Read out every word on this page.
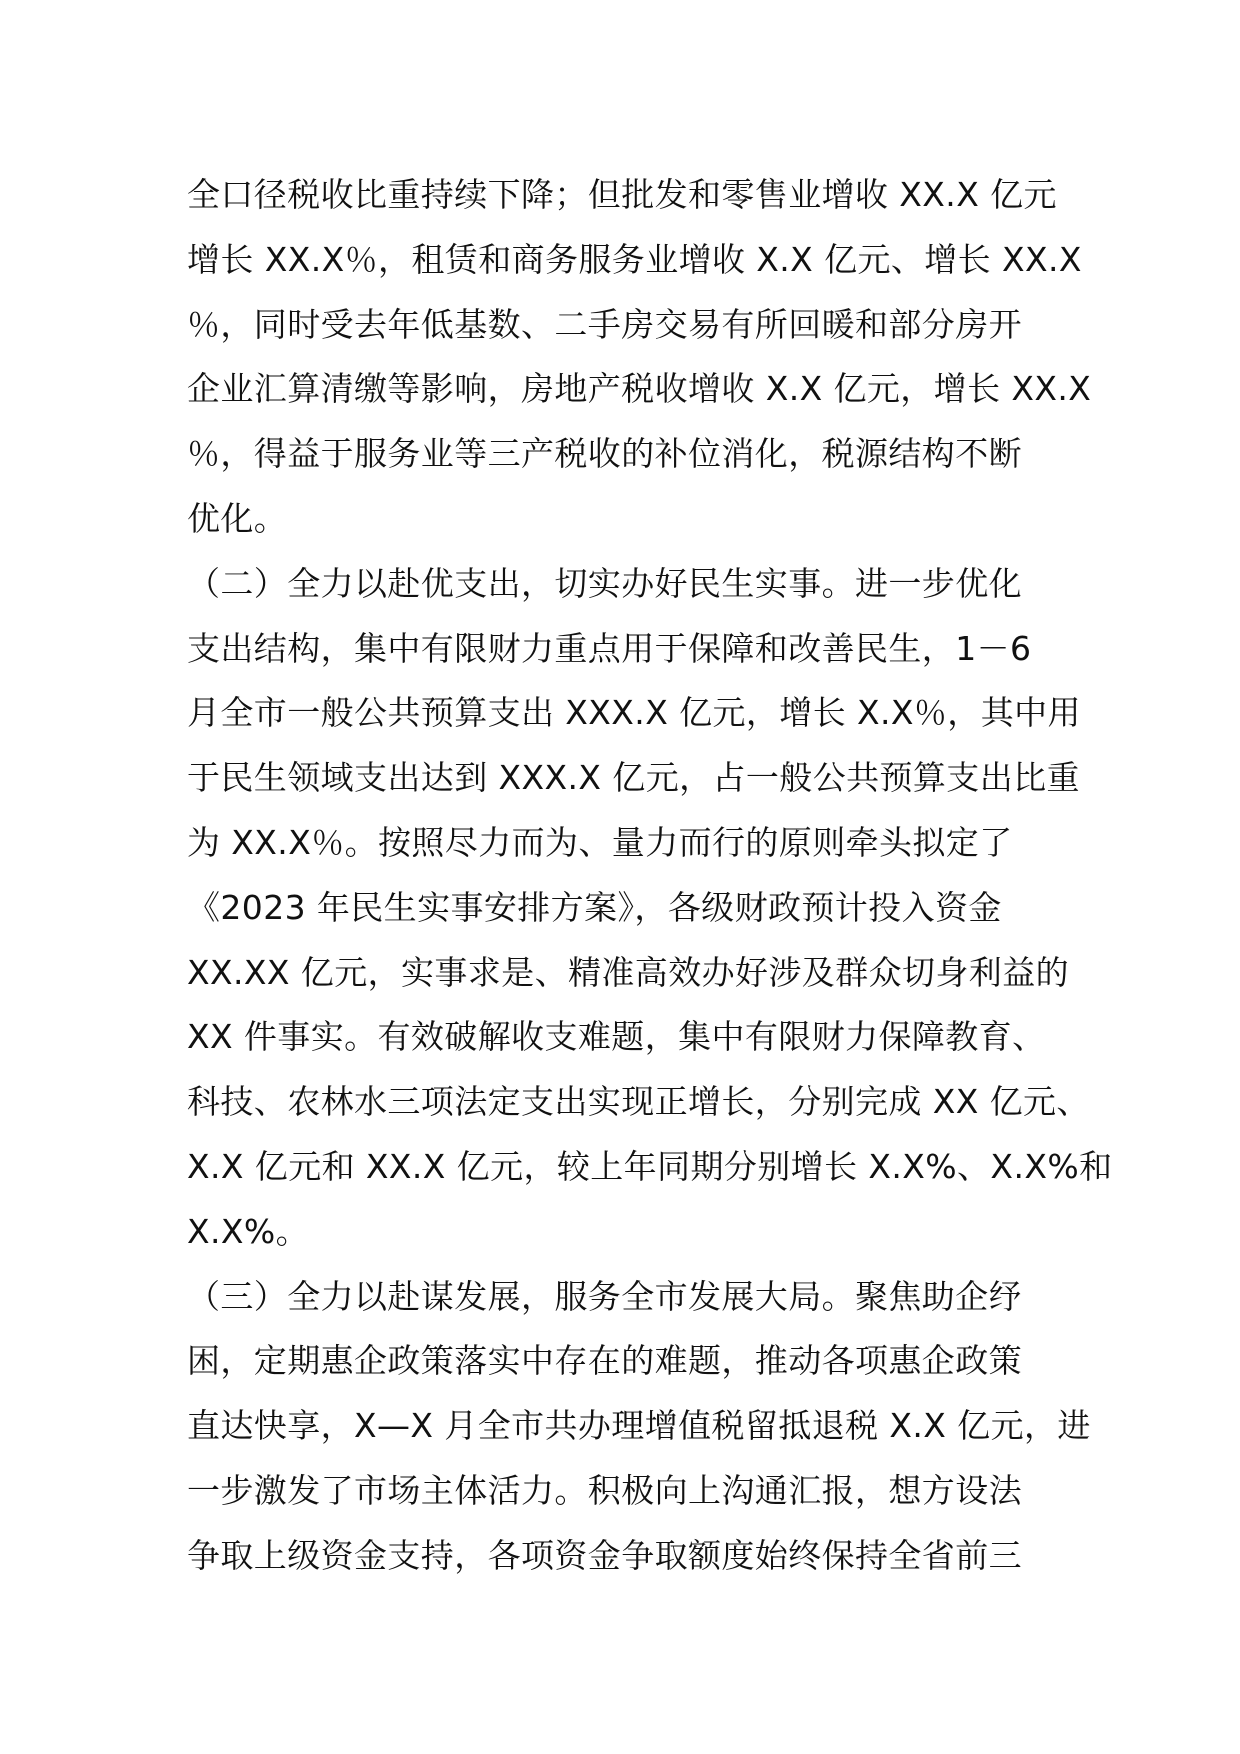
全口径税收比重持续下降；但批发和零售业增收 XX.X 亿元
增长 XX.X％，租赁和商务服务业增收 X.X 亿元、增长 XX.X
％，同时受去年低基数、二手房交易有所回暖和部分房开
企业汇算清缴等影响，房地产税收增收 X.X 亿元，增长 XX.X
％，得益于服务业等三产税收的补位消化，税源结构不断
优化。
（二）全力以赴优支出，切实办好民生实事。进一步优化
支出结构，集中有限财力重点用于保障和改善民生，1－6
月全市一般公共预算支出 XXX.X 亿元，增长 X.X％，其中用
于民生领域支出达到 XXX.X 亿元，占一般公共预算支出比重
为 XX.X％。按照尽力而为、量力而行的原则牵头拟定了
《2023 年民生实事安排方案》，各级财政预计投入资金
XX.XX 亿元，实事求是、精准高效办好涉及群众切身利益的
XX 件事实。有效破解收支难题，集中有限财力保障教育、
科技、农林水三项法定支出实现正增长，分别完成 XX 亿元、
X.X 亿元和 XX.X 亿元，较上年同期分别增长 X.X%、X.X%和
X.X%。
（三）全力以赴谋发展，服务全市发展大局。聚焦助企纾
困，定期惠企政策落实中存在的难题，推动各项惠企政策
直达快享，X—X 月全市共办理增值税留抵退税 X.X 亿元，进
一步激发了市场主体活力。积极向上沟通汇报，想方设法
争取上级资金支持，各项资金争取额度始终保持全省前三
